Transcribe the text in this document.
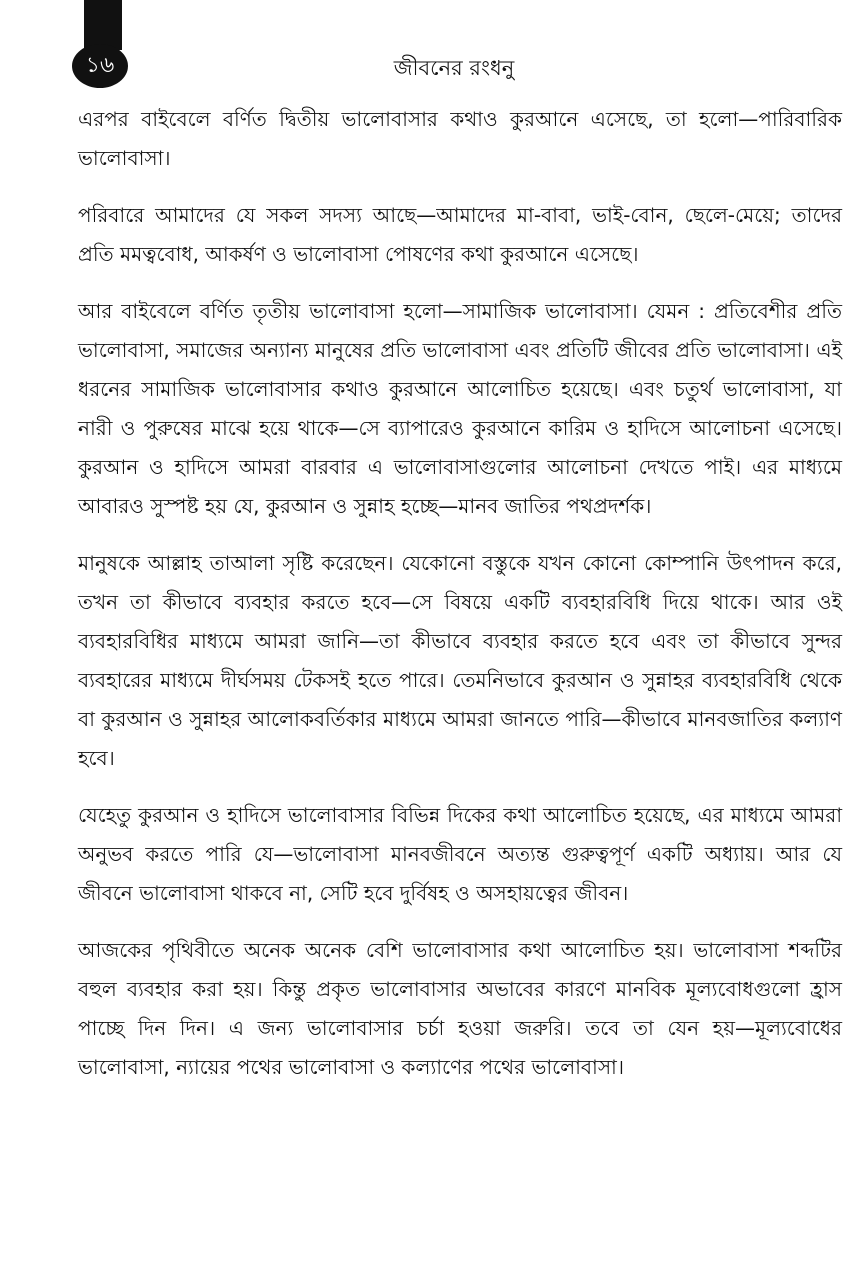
১৬	জীবনের রংধনু

এরপর বাইবেলে বর্ণিত দ্বিতীয় ভালোবাসার কথাও কুরআনে এসেছে, তা হলো—পারিবারিক ভালোবাসা।

পরিবারে আমাদের যে সকল সদস্য আছে—আমাদের মা-বাবা, ভাই-বোন, ছেলে-মেয়ে; তাদের প্রতি মমত্ববোধ, আকর্ষণ ও ভালোবাসা পোষণের কথা কুরআনে এসেছে।

আর বাইবেলে বর্ণিত তৃতীয় ভালোবাসা হলো—সামাজিক ভালোবাসা। যেমন : প্রতিবেশীর প্রতি ভালোবাসা, সমাজের অন্যান্য মানুষের প্রতি ভালোবাসা এবং প্রতিটি জীবের প্রতি ভালোবাসা। এই ধরনের সামাজিক ভালোবাসার কথাও কুরআনে আলোচিত হয়েছে। এবং চতুর্থ ভালোবাসা, যা নারী ও পুরুষের মাঝে হয়ে থাকে—সে ব্যাপারেও কুরআনে কারিম ও হাদিসে আলোচনা এসেছে। কুরআন ও হাদিসে আমরা বারবার এ ভালোবাসাগুলোর আলোচনা দেখতে পাই। এর মাধ্যমে আবারও সুস্পষ্ট হয় যে, কুরআন ও সুন্নাহ হচ্ছে—মানব জাতির পথপ্রদর্শক।

মানুষকে আল্লাহ তাআলা সৃষ্টি করেছেন। যেকোনো বস্তুকে যখন কোনো কোম্পানি উৎপাদন করে, তখন তা কীভাবে ব্যবহার করতে হবে—সে বিষয়ে একটি ব্যবহারবিধি দিয়ে থাকে। আর ওই ব্যবহারবিধির মাধ্যমে আমরা জানি—তা কীভাবে ব্যবহার করতে হবে এবং তা কীভাবে সুন্দর ব্যবহারের মাধ্যমে দীর্ঘসময় টেকসই হতে পারে। তেমনিভাবে কুরআন ও সুন্নাহর ব্যবহারবিধি থেকে বা কুরআন ও সুন্নাহর আলোকবর্তিকার মাধ্যমে আমরা জানতে পারি—কীভাবে মানবজাতির কল্যাণ হবে।

যেহেতু কুরআন ও হাদিসে ভালোবাসার বিভিন্ন দিকের কথা আলোচিত হয়েছে, এর মাধ্যমে আমরা অনুভব করতে পারি যে—ভালোবাসা মানবজীবনে অত্যন্ত গুরুত্বপূর্ণ একটি অধ্যায়। আর যে জীবনে ভালোবাসা থাকবে না, সেটি হবে দুর্বিষহ ও অসহায়ত্বের জীবন।

আজকের পৃথিবীতে অনেক অনেক বেশি ভালোবাসার কথা আলোচিত হয়। ভালোবাসা শব্দটির বহুল ব্যবহার করা হয়। কিন্তু প্রকৃত ভালোবাসার অভাবের কারণে মানবিক মূল্যবোধগুলো হ্রাস পাচ্ছে দিন দিন। এ জন্য ভালোবাসার চর্চা হওয়া জরুরি। তবে তা যেন হয়—মূল্যবোধের ভালোবাসা, ন্যায়ের পথের ভালোবাসা ও কল্যাণের পথের ভালোবাসা।
